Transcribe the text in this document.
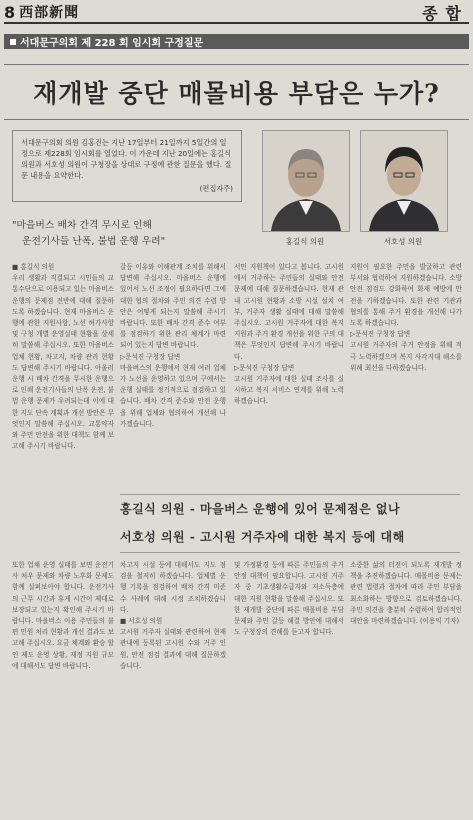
8 西部新聞	종합
서대문구의회 제 228 회 임시회 구정질문
재개발 중단 매몰비용 부담은 누가?
서대문구의회 의원 김홍진는 지난 17일부터 21일까지 5일간의 일정으로 제228회 임시회를 열었다. 이 가운데 지난 20일에는 홍길식 의원과 서호성 의원이 구청장을 상대로 구정에 관한 질문을 했다. 질문 내용을 요약한다.
(편집자주)
홍길식 의원	서호성 의원
"마을버스 배차 간격 무시로 인해
운전기사들 난폭, 불법 운행 우려"
■ 홍길식 의원
우리 생활과 직결되고 시민들의 교통수단으로 이용되고 있는 마을버스 운행의 문제점 전반에 대해 질문하도록 하겠습니다. 현재 마을버스 운행에 관한 지원사항, 노선 허가사항 및 구청 개별 운영실태 현황을 상세히 말씀해 주십시오. 또한 마을버스 업체 현황, 차고지, 차량 관리 현황도 답변해 주시기 바랍니다. 아울러 운행 시 배차 간격을 무시한 운행으로 인해 운전기사들의 난폭 운전, 불법 운행 문제가 우려되는데 이에 대한 지도 단속 계획과 개선 방안은 무엇인지 말씀해 주십시오. 교통약자와 주민 안전을 위한 대책도 함께 보고해 주시기 바랍니다.
갈등 이유와 이해관계 조치를 위해서 답변해 주십시오. 마을버스 운행에 있어서 노선 조정이 필요하다면 그에 대한 협의 절차와 주민 의견 수렴 방안은 어떻게 되는지 말씀해 주시기 바랍니다. 또한 배차 간격 준수 여부를 점검하기 위한 관리 체계가 마련되어 있는지 답변 바랍니다.
▷문석진 구청장 답변
마을버스의 운행에서 현재 여러 업체가 노선을 운영하고 있으며 구에서는 운행 실태를 정기적으로 점검하고 있습니다. 배차 간격 준수와 안전 운행을 위해 업체와 협의하여 개선해 나가겠습니다.
서민 지원책이 있다고 봅니다. 고시원에서 거주하는 주민들의 실태와 안전 문제에 대해 질문하겠습니다. 현재 관내 고시원 현황과 소방 시설 설치 여부, 거주자 생활 실태에 대해 말씀해 주십시오. 고시원 거주자에 대한 복지 지원과 주거 환경 개선을 위한 구의 대책은 무엇인지 답변해 주시기 바랍니다.
▷문석진 구청장 답변
고시원 거주자에 대한 실태 조사를 실시하고 복지 서비스 연계를 위해 노력하겠습니다.
지원이 필요한 주민을 발굴하고 관련 부서와 협력하여 지원하겠습니다. 소방 안전 점검도 강화하여 화재 예방에 만전을 기하겠습니다. 또한 관련 기관과 협의를 통해 주거 환경을 개선해 나가도록 하겠습니다.
▷문석진 구청장 답변
고시원 거주자의 주거 안정을 위해 적극 노력하겠으며 복지 사각지대 해소를 위해 최선을 다하겠습니다.
홍길식 의원 - 마을버스 운행에 있어 문제점은 없나
서호성 의원 - 고시원 거주자에 대한 복지 등에 대해
또한 업체 운영 실태를 보면 운전기사 처우 문제와 차량 노후화 문제도 함께 살펴보아야 합니다. 운전기사의 근무 시간과 휴게 시간이 제대로 보장되고 있는지 확인해 주시기 바랍니다. 마을버스 이용 주민들의 불편 민원 처리 현황과 개선 결과도 보고해 주십시오. 요금 체계와 환승 할인 제도 운영 상황, 재정 지원 규모에 대해서도 답변 바랍니다.
차고지 시설 등에 대해서도 지도 점검을 철저히 하겠습니다. 업체별 운행 기록을 점검하여 배차 간격 미준수 사례에 대해 시정 조치하겠습니다.
■ 서호성 의원
고시원 거주자 실태와 관련하여 현재 관내에 등록된 고시원 수와 거주 인원, 안전 점검 결과에 대해 질문하겠습니다.
및 가정환경 등에 따른 주민들의 주거 안정 대책이 필요합니다. 고시원 거주자 중 기초생활수급자와 저소득층에 대한 지원 현황을 말씀해 주십시오. 또한 재개발 중단에 따른 매몰비용 부담 문제와 주민 갈등 해결 방안에 대해서도 구청장의 견해를 듣고자 합니다.
소중한 삶의 터전이 되도록 재개발 정책을 추진하겠습니다. 매몰비용 문제는 관련 법령과 절차에 따라 주민 부담을 최소화하는 방향으로 검토하겠습니다. 주민 의견을 충분히 수렴하여 합리적인 대안을 마련하겠습니다. (이용익 기자)
